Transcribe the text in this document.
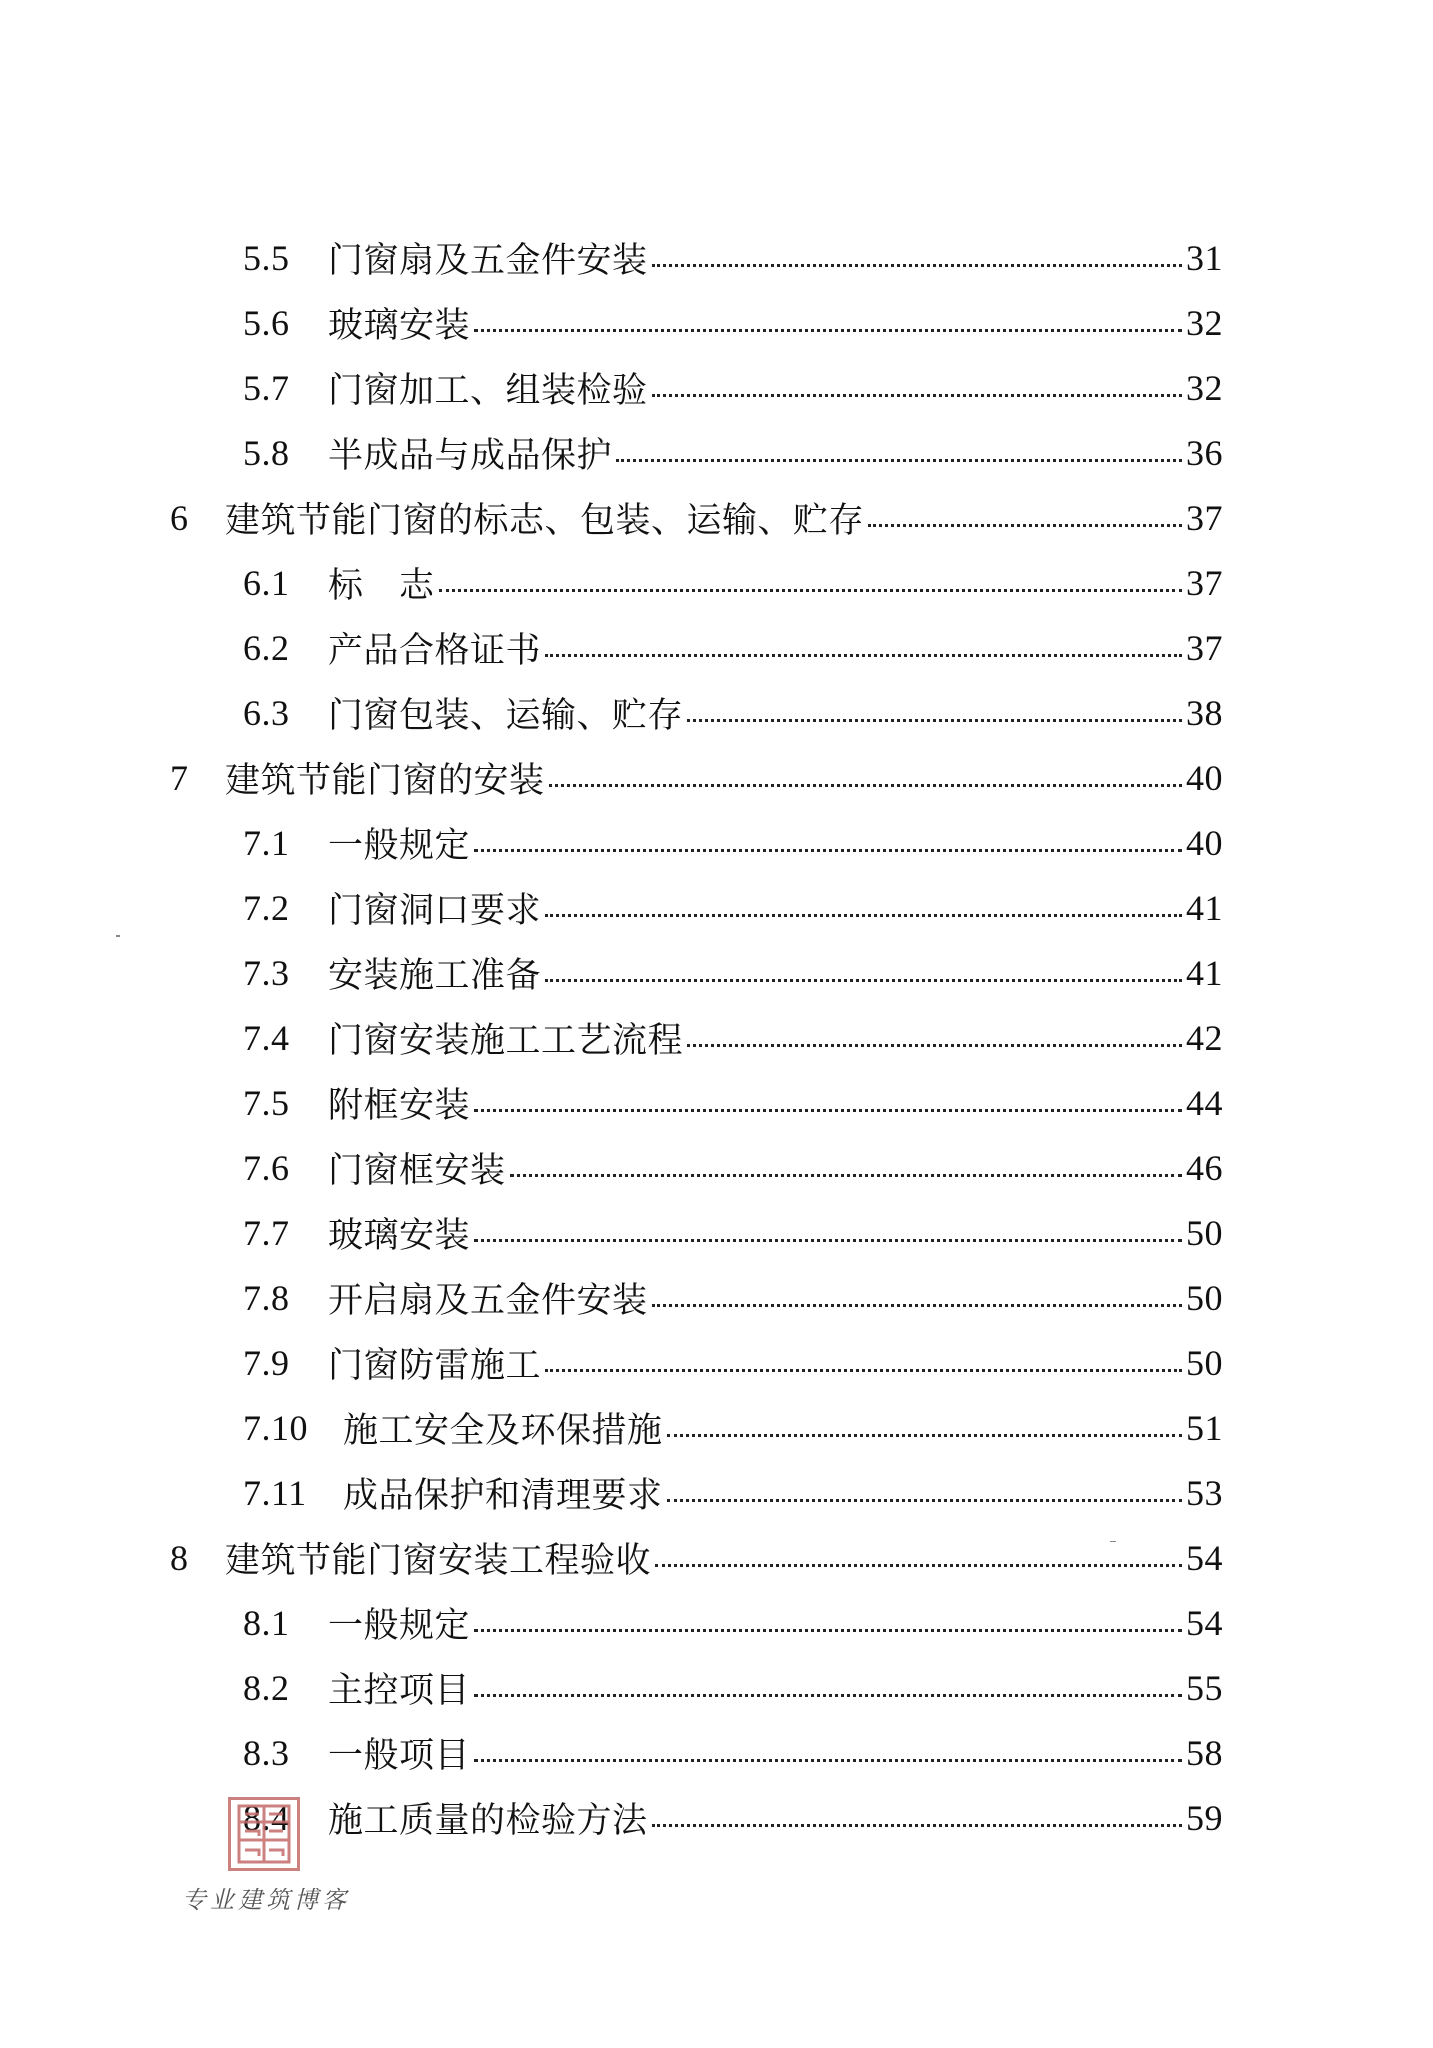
5.5	门窗扇及五金件安装	31
5.6	玻璃安装	32
5.7	门窗加工、组装检验	32
5.8	半成品与成品保护	36
6	建筑节能门窗的标志、包装、运输、贮存	37
6.1	标　志	37
6.2	产品合格证书	37
6.3	门窗包装、运输、贮存	38
7	建筑节能门窗的安装	40
7.1	一般规定	40
7.2	门窗洞口要求	41
7.3	安装施工准备	41
7.4	门窗安装施工工艺流程	42
7.5	附框安装	44
7.6	门窗框安装	46
7.7	玻璃安装	50
7.8	开启扇及五金件安装	50
7.9	门窗防雷施工	50
7.10	施工安全及环保措施	51
7.11	成品保护和清理要求	53
8	建筑节能门窗安装工程验收	54
8.1	一般规定	54
8.2	主控项目	55
8.3	一般项目	58
8.4	施工质量的检验方法	59
专业建筑博客
